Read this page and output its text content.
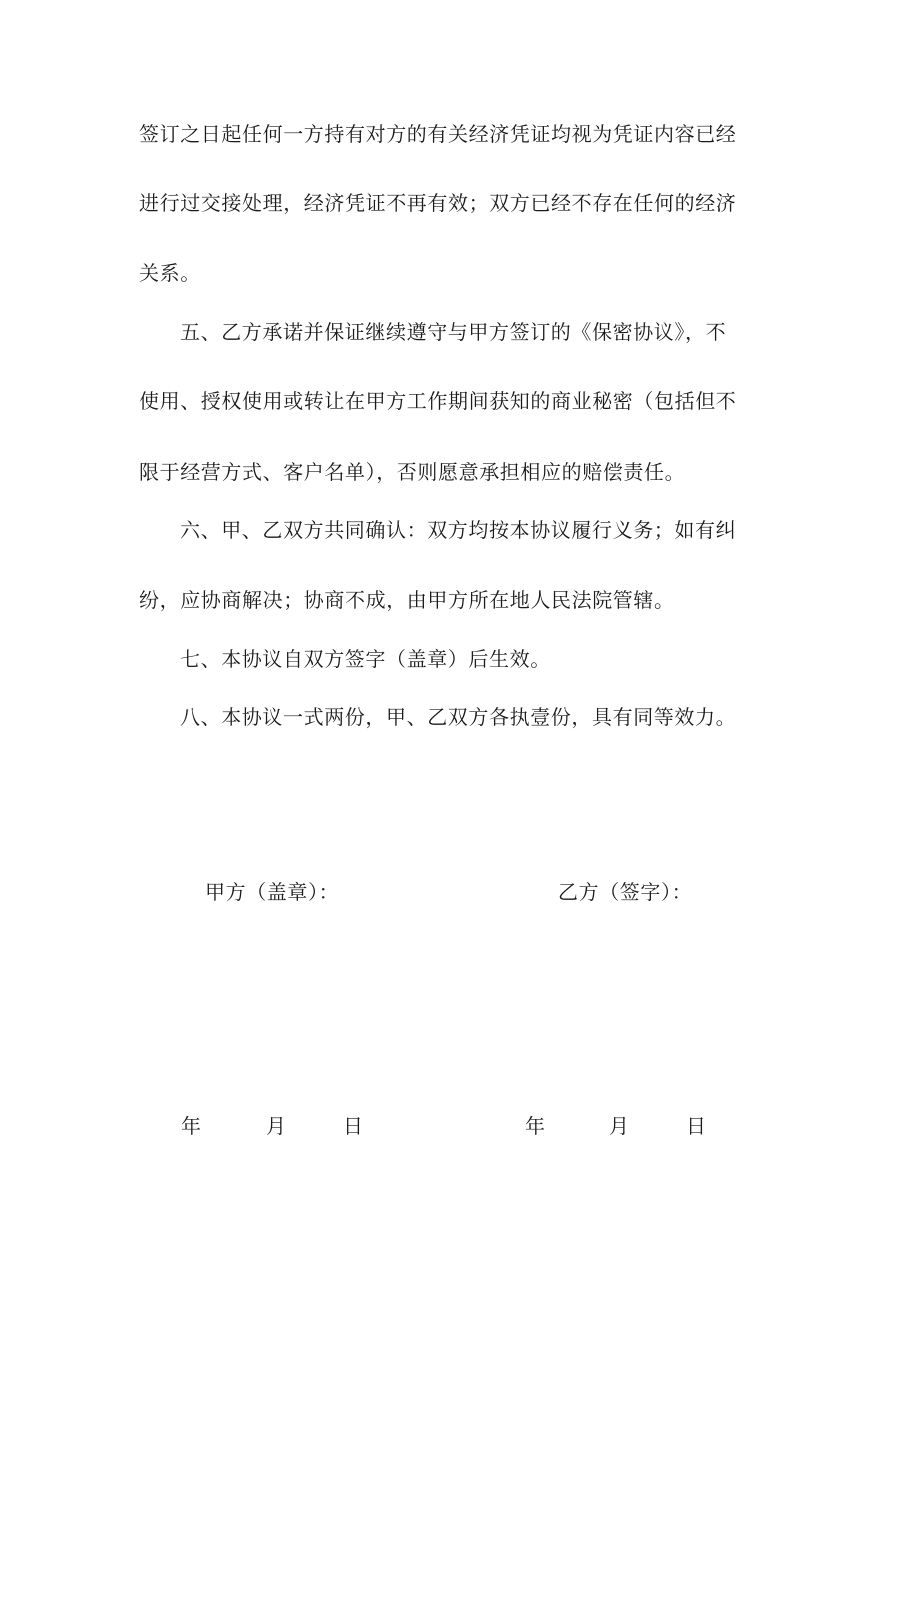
签订之日起任何一方持有对方的有关经济凭证均视为凭证内容已经
进行过交接处理，经济凭证不再有效；双方已经不存在任何的经济
关系。
五、乙方承诺并保证继续遵守与甲方签订的《保密协议》，不
使用、授权使用或转让在甲方工作期间获知的商业秘密（包括但不
限于经营方式、客户名单），否则愿意承担相应的赔偿责任。
六、甲、乙双方共同确认：双方均按本协议履行义务；如有纠
纷，应协商解决；协商不成，由甲方所在地人民法院管辖。
七、本协议自双方签字（盖章）后生效。
八、本协议一式两份，甲、乙双方各执壹份，具有同等效力。
甲方（盖章）：	乙方（签字）：
年	月	日	年	月	日
